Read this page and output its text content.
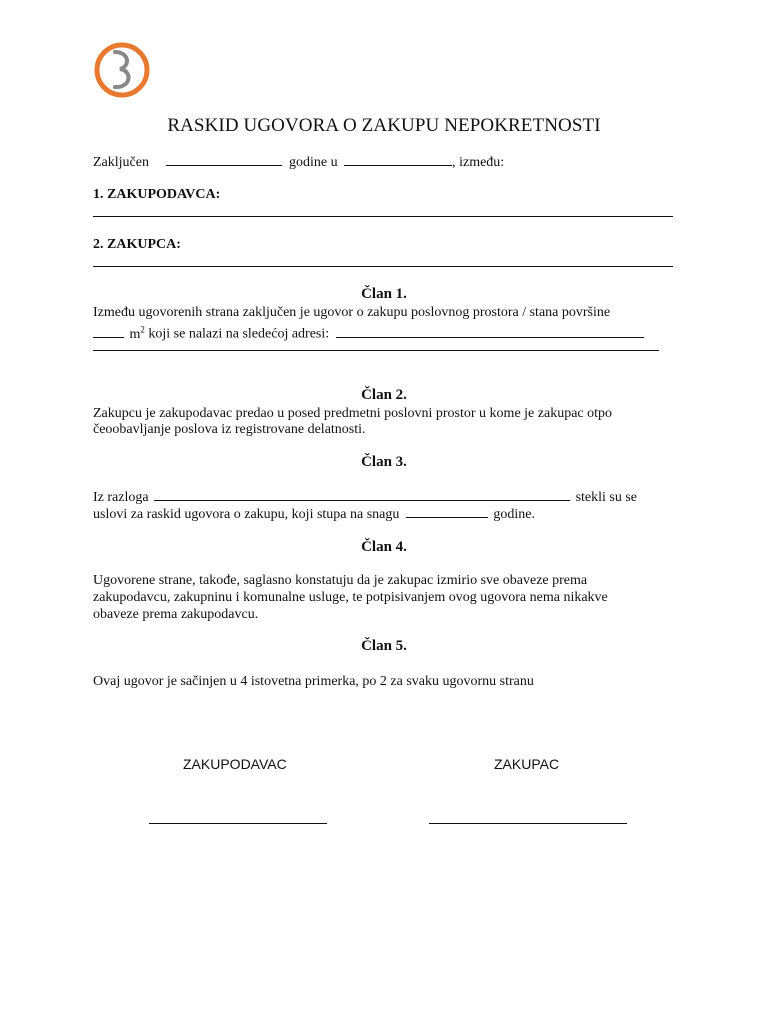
RASKID UGOVORA O ZAKUPU NEPOKRETNOSTI
Zaključen	godine u	, između:
1. ZAKUPODAVCA:
2. ZAKUPCA:
Član 1.
Između ugovorenih strana zaključen je ugovor o zakupu poslovnog prostora / stana površine
$m^2$ koji se nalazi na sledećoj adresi:
Član 2.
Zakupcu je zakupodavac predao u posed predmetni poslovni prostor u kome je zakupac otpo
čeoobavljanje poslova iz registrovane delatnosti.
Član 3.
Iz razloga	stekli su se
uslovi za raskid ugovora o zakupu, koji stupa na snagu	godine.
Član 4.
Ugovorene strane, takođe, saglasno konstatuju da je zakupac izmirio sve obaveze prema
zakupodavcu, zakupninu i komunalne usluge, te potpisivanjem ovog ugovora nema nikakve
obaveze prema zakupodavcu.
Član 5.
Ovaj ugovor je sačinjen u 4 istovetna primerka, po 2 za svaku ugovornu stranu
ZAKUPODAVAC	ZAKUPAC
